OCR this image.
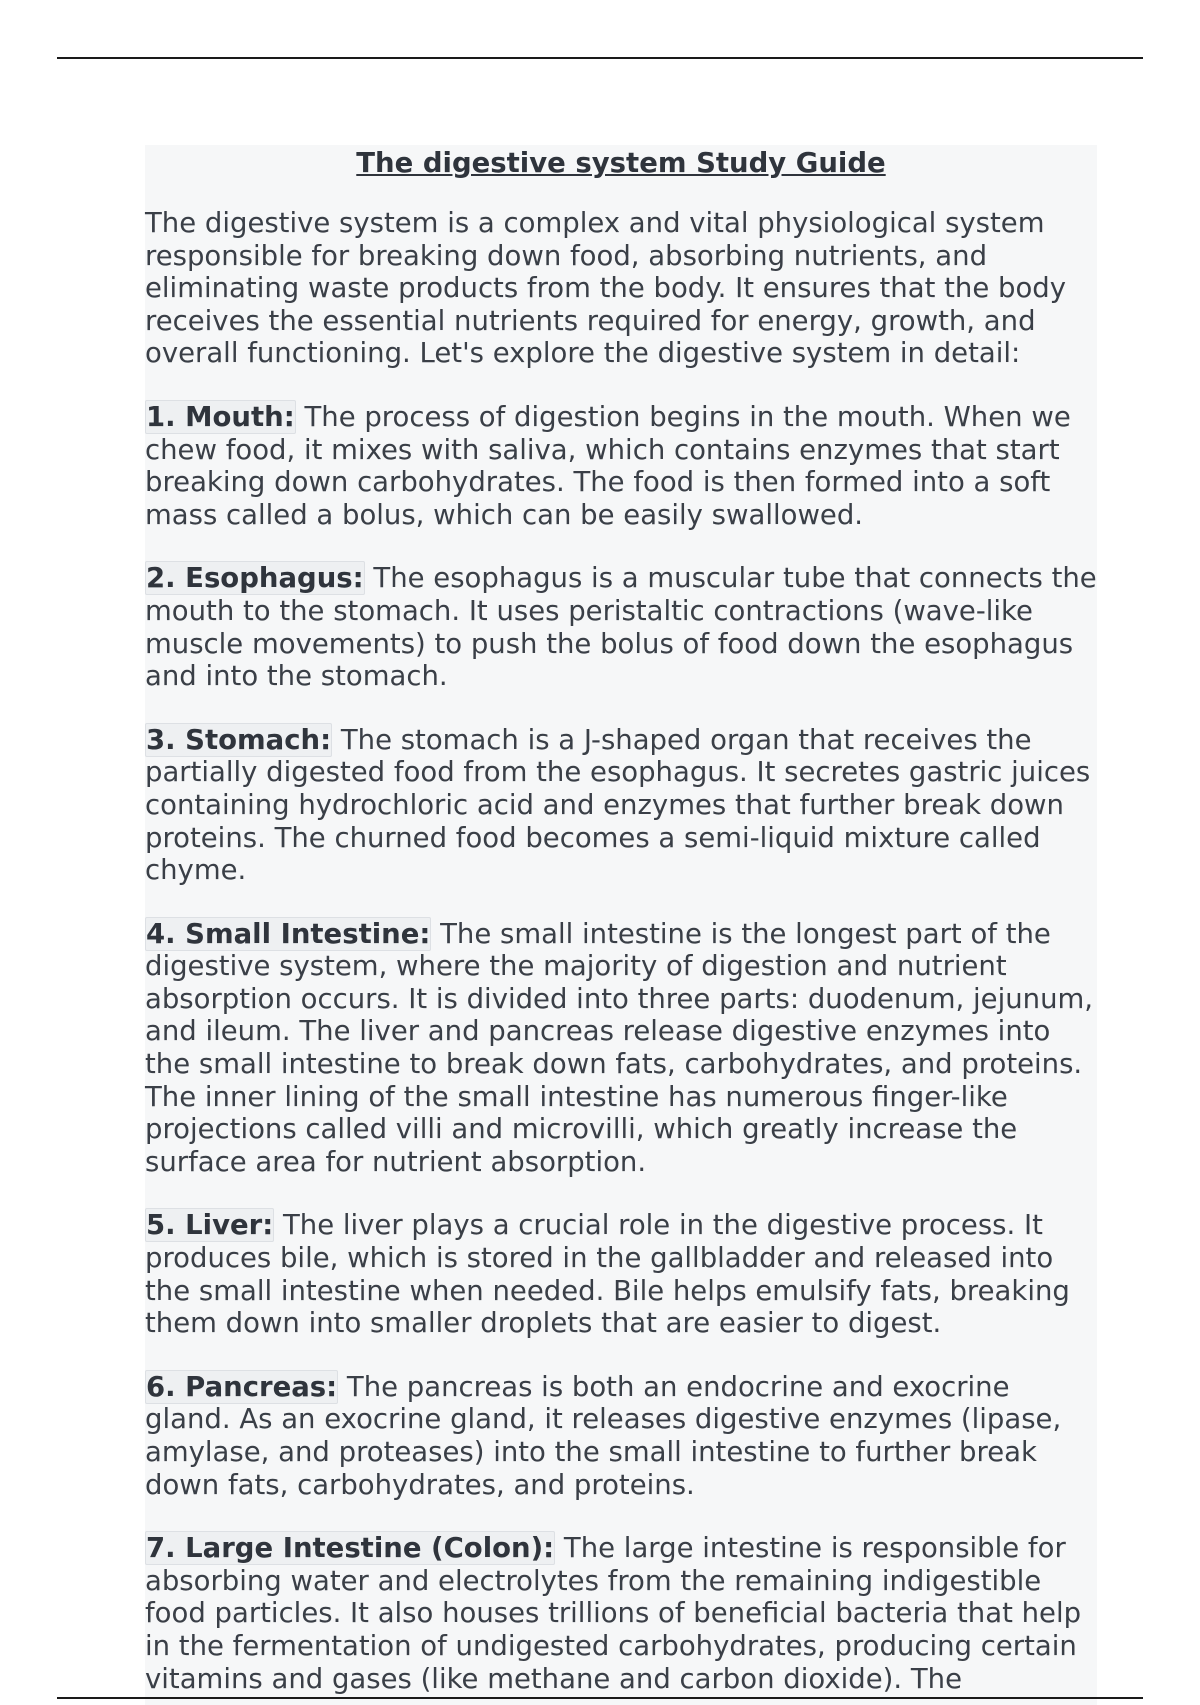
The digestive system Study Guide

The digestive system is a complex and vital physiological system responsible for breaking down food, absorbing nutrients, and eliminating waste products from the body. It ensures that the body receives the essential nutrients required for energy, growth, and overall functioning. Let's explore the digestive system in detail:

1. Mouth: The process of digestion begins in the mouth. When we chew food, it mixes with saliva, which contains enzymes that start breaking down carbohydrates. The food is then formed into a soft mass called a bolus, which can be easily swallowed.

2. Esophagus: The esophagus is a muscular tube that connects the mouth to the stomach. It uses peristaltic contractions (wave-like muscle movements) to push the bolus of food down the esophagus and into the stomach.

3. Stomach: The stomach is a J-shaped organ that receives the partially digested food from the esophagus. It secretes gastric juices containing hydrochloric acid and enzymes that further break down proteins. The churned food becomes a semi-liquid mixture called chyme.

4. Small Intestine: The small intestine is the longest part of the digestive system, where the majority of digestion and nutrient absorption occurs. It is divided into three parts: duodenum, jejunum, and ileum. The liver and pancreas release digestive enzymes into the small intestine to break down fats, carbohydrates, and proteins. The inner lining of the small intestine has numerous finger-like projections called villi and microvilli, which greatly increase the surface area for nutrient absorption.

5. Liver: The liver plays a crucial role in the digestive process. It produces bile, which is stored in the gallbladder and released into the small intestine when needed. Bile helps emulsify fats, breaking them down into smaller droplets that are easier to digest.

6. Pancreas: The pancreas is both an endocrine and exocrine gland. As an exocrine gland, it releases digestive enzymes (lipase, amylase, and proteases) into the small intestine to further break down fats, carbohydrates, and proteins.

7. Large Intestine (Colon): The large intestine is responsible for absorbing water and electrolytes from the remaining indigestible food particles. It also houses trillions of beneficial bacteria that help in the fermentation of undigested carbohydrates, producing certain vitamins and gases (like methane and carbon dioxide). The
